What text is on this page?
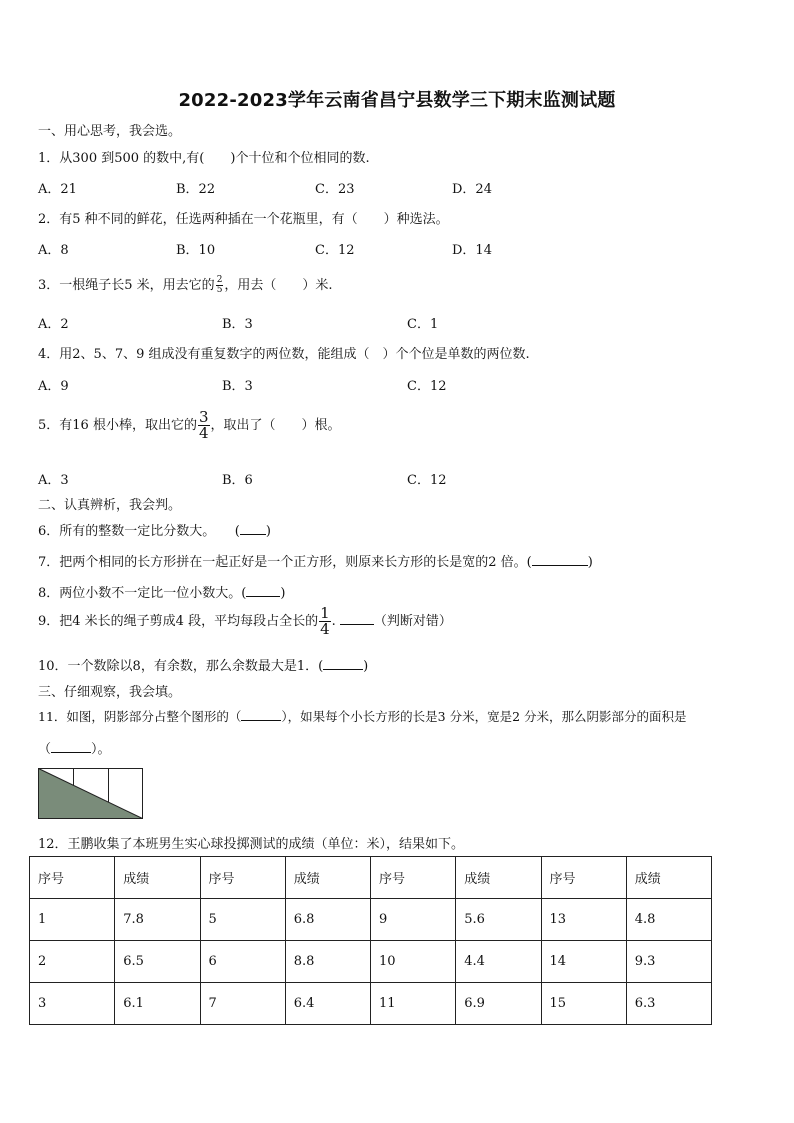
2022-2023学年云南省昌宁县数学三下期末监测试题
一、用心思考，我会选。
1．从300 到500 的数中,有(　　)个十位和个位相同的数.
A．21	B．22	C．23	D．24
2．有5 种不同的鲜花，任选两种插在一个花瓶里，有（　　）种选法。
A．8	B．10	C．12	D．14
3．一根绳子长5 米，用去它的 $\frac{2}{5}$ ，用去（　　）米.
A．2	B．3	C．1
4．用2、5、7、9 组成没有重复数字的两位数，能组成（　）个个位是单数的两位数.
A．9	B．3	C．12
5．有16 根小棒，取出它的 $\frac{3}{4}$ ，取出了（　　）根。
A．3	B．6	C．12
二、认真辨析，我会判。
6．所有的整数一定比分数大。　　( )
7．把两个相同的长方形拼在一起正好是一个正方形，则原来长方形的长是宽的2 倍。(	)
8．两位小数不一定比一位小数大。(	)
9．把4 米长的绳子剪成4 段，平均每段占全长的 $\frac{1}{4}$ .	（判断对错）
10．一个数除以8，有余数，那么余数最大是1．(	)
三、仔细观察，我会填。
11．如图，阴影部分占整个图形的（	），如果每个小长方形的长是3 分米，宽是2 分米，那么阴影部分的面积是
（	）。
12．王鹏收集了本班男生实心球投掷测试的成绩（单位：米），结果如下。
序号	成绩	序号	成绩	序号	成绩	序号	成绩
1	7.8	5	6.8	9	5.6	13	4.8
2	6.5	6	8.8	10	4.4	14	9.3
3	6.1	7	6.4	11	6.9	15	6.3
